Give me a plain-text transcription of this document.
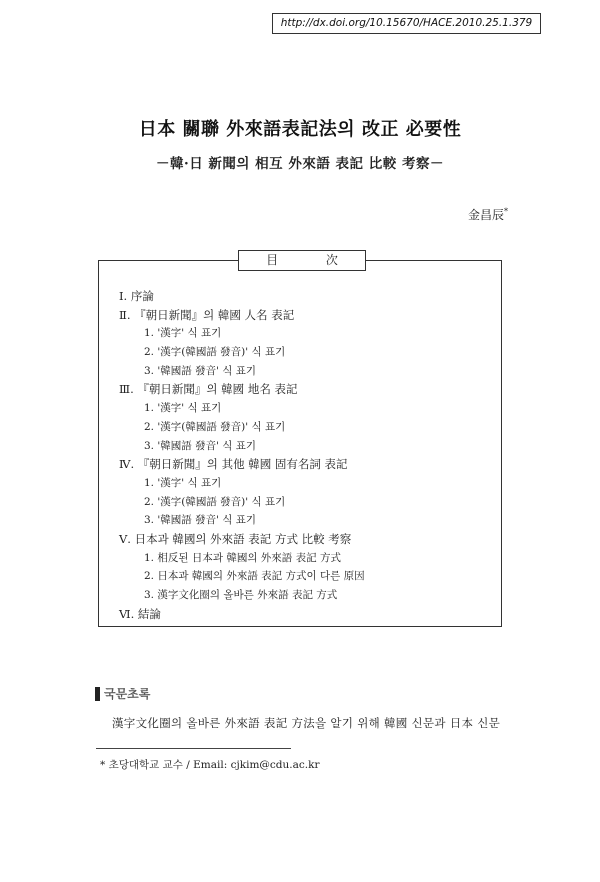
http://dx.doi.org/10.15670/HACE.2010.25.1.379
日本 關聯 外來語表記法의 改正 必要性
－韓·日 新聞의 相互 外來語 表記 比較 考察－
金昌辰*
目 次
Ⅰ. 序論
Ⅱ. 『朝日新聞』의 韓國 人名 表記
1. '漢字' 식 표기
2. '漢字(韓國語 發音)' 식 표기
3. '韓國語 發音' 식 표기
Ⅲ. 『朝日新聞』의 韓國 地名 表記
1. '漢字' 식 표기
2. '漢字(韓國語 發音)' 식 표기
3. '韓國語 發音' 식 표기
Ⅳ. 『朝日新聞』의 其他 韓國 固有名詞 表記
1. '漢字' 식 표기
2. '漢字(韓國語 發音)' 식 표기
3. '韓國語 發音' 식 표기
Ⅴ. 日本과 韓國의 外來語 表記 方式 比較 考察
1. 相反된 日本과 韓國의 外來語 表記 方式
2. 日本과 韓國의 外來語 表記 方式이 다른 原因
3. 漢字文化圈의 올바른 外來語 表記 方式
Ⅵ. 結論
국문초록

漢字文化圈의 올바른 外來語 表記 方法을 알기 위해 韓國 신문과 日本 신문

* 초당대학교 교수 / Email: cjkim@cdu.ac.kr
